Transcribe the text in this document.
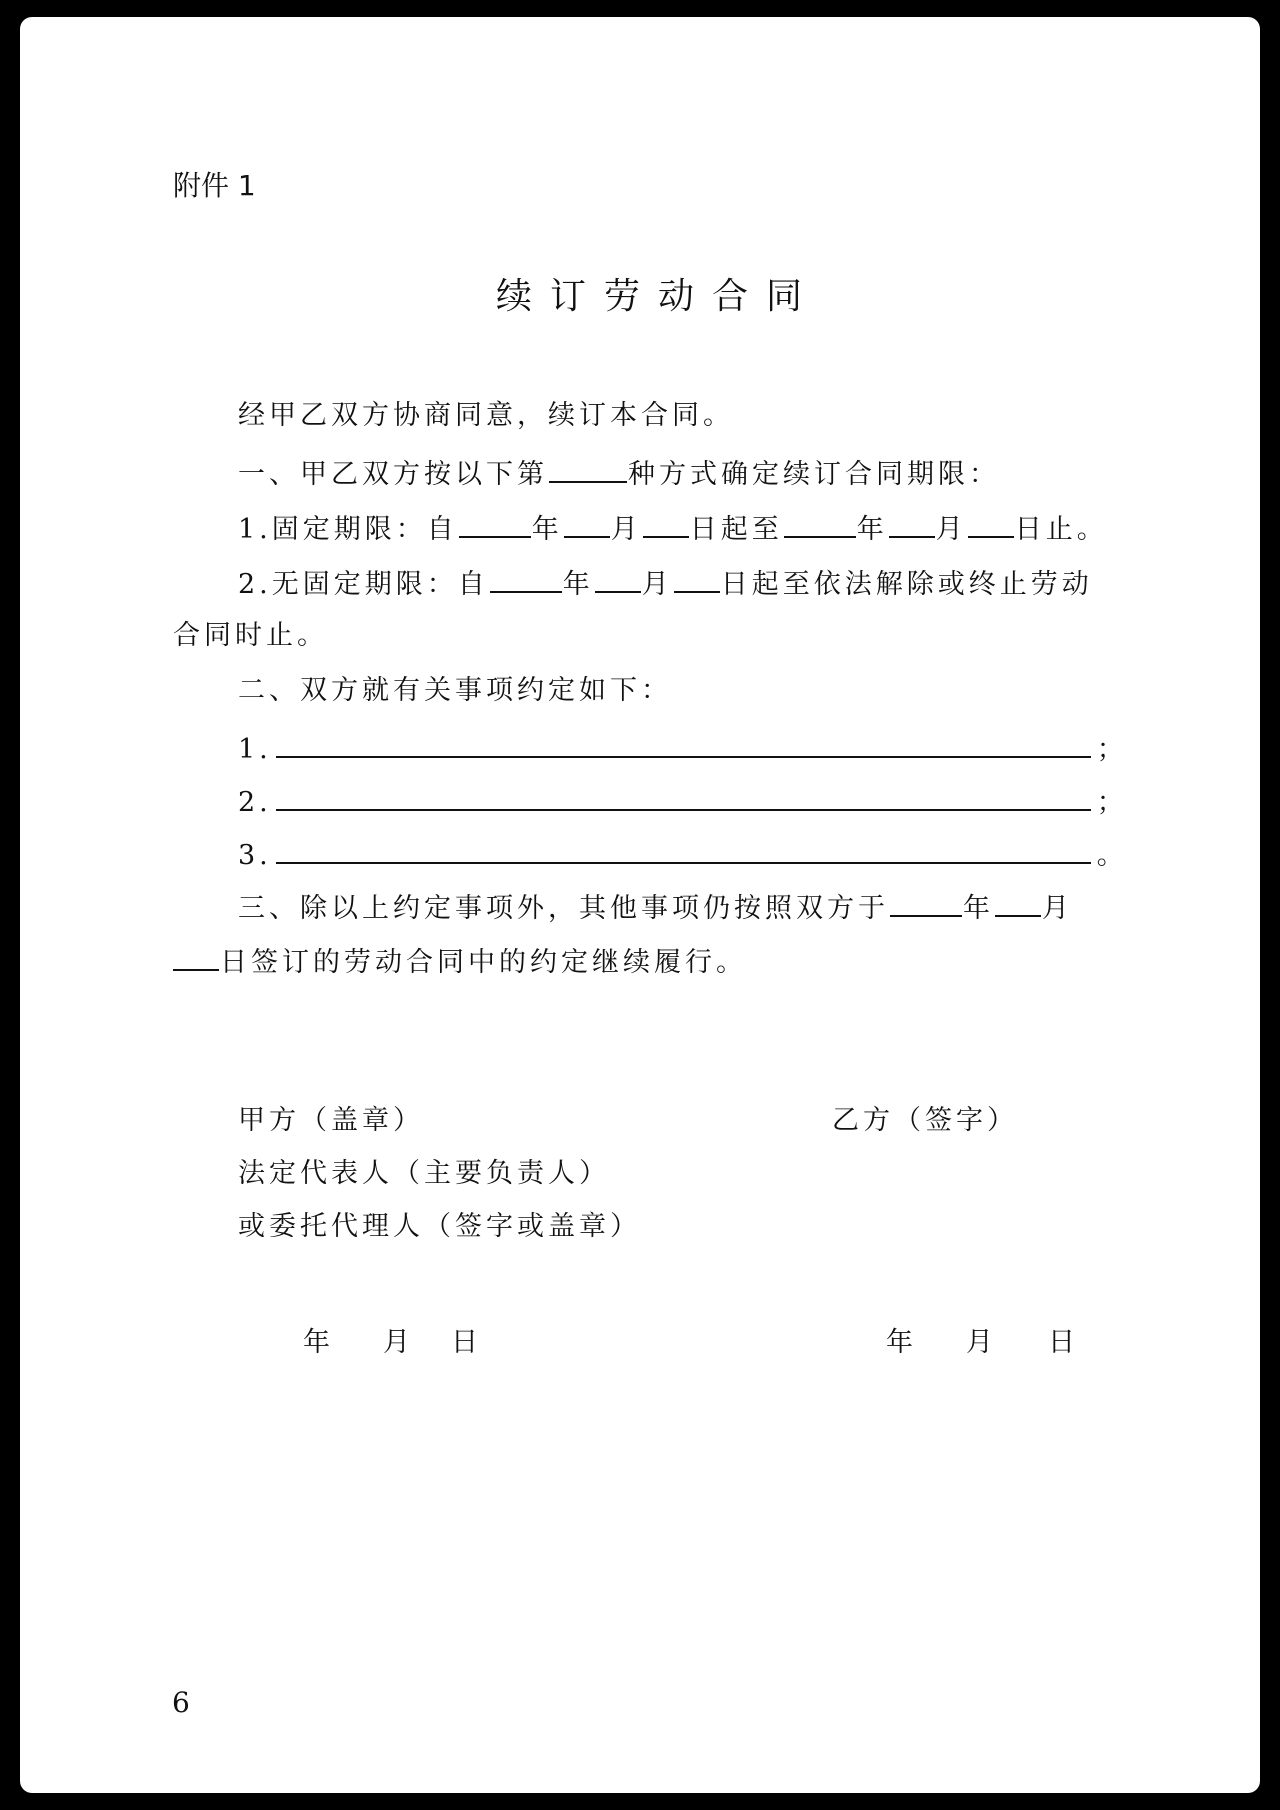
附件 1
续订劳动合同
经甲乙双方协商同意，续订本合同。
一、甲乙双方按以下第	种方式确定续订合同期限：
1.固定期限：自	年 月 日起至	年 月 日止。
2.无固定期限：自	年 月 日起至依法解除或终止劳动
合同时止。
二、双方就有关事项约定如下：
1.	；
2.	；
3.	。
三、除以上约定事项外，其他事项仍按照双方于	年 月
日签订的劳动合同中的约定继续履行。
甲方（盖章）	乙方（签字）
法定代表人（主要负责人）
或委托代理人（签字或盖章）
年 月 日	年 月 日
6
